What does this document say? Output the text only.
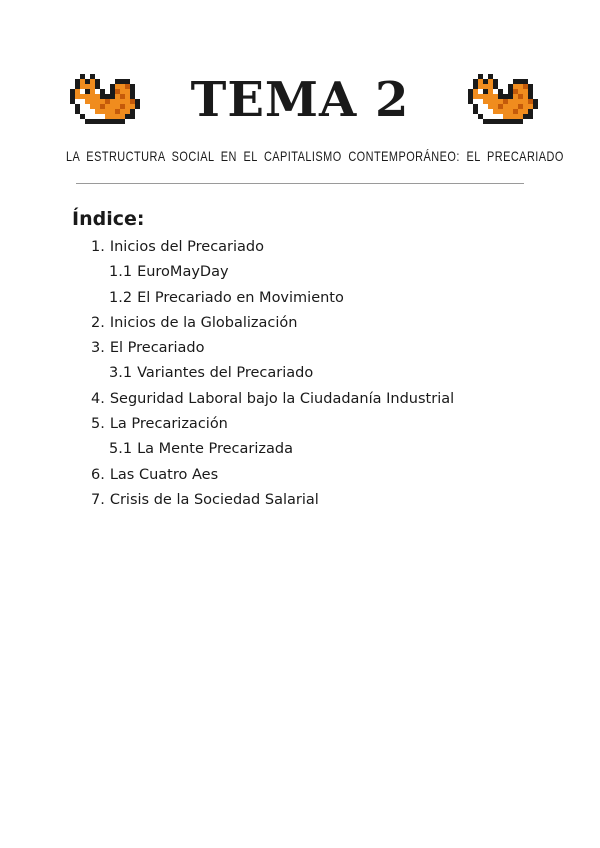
TEMA 2
LA ESTRUCTURA SOCIAL EN EL CAPITALISMO CONTEMPORÁNEO: EL PRECARIADO
Índice:
1. Inicios del Precariado
1.1 EuroMayDay
1.2 El Precariado en Movimiento
2. Inicios de la Globalización
3. El Precariado
3.1 Variantes del Precariado
4. Seguridad Laboral bajo la Ciudadanía Industrial
5. La Precarización
5.1 La Mente Precarizada
6. Las Cuatro Aes
7. Crisis de la Sociedad Salarial
